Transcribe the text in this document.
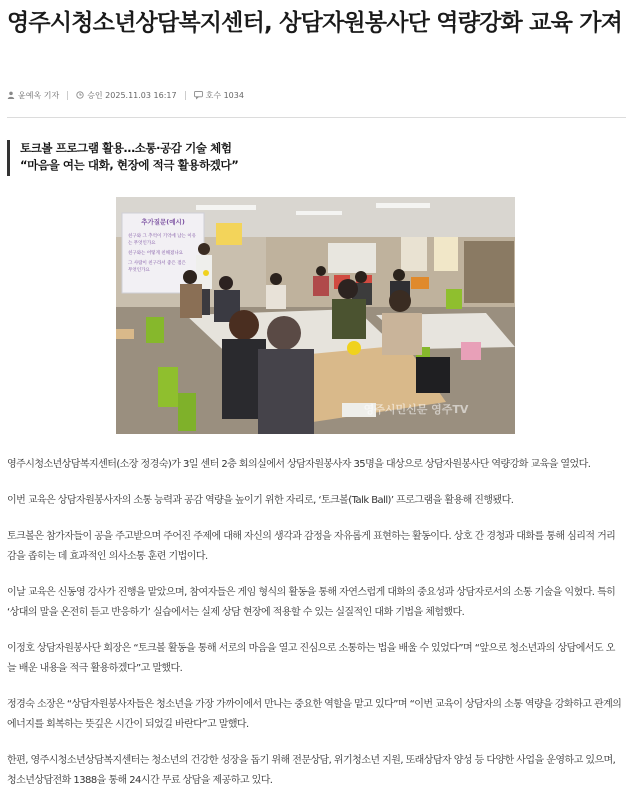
영주시청소년상담복지센터, 상담자원봉사단 역량강화 교육 가져
윤예옥 기자	승인 2025.11.03 16:17	호수 1034
토크볼 프로그램 활용…소통·공감 기술 체험
“마음을 여는 대화, 현장에 적극 활용하겠다”
추가질문(예시)
친구와 그 추억이 기억에 남는 이유
는 무엇인가요
친구와는 어떻게 친해졌나요
그 사람이 친구라서 좋은 점은
무엇인가요
영주시민신문 영주TV

영주시청소년상담복지센터(소장 정경숙)가 3일 센터 2층 회의실에서 상담자원봉사자 35명을 대상으로 상담자원봉사단 역량강화 교육을 열었다.

이번 교육은 상담자원봉사자의 소통 능력과 공감 역량을 높이기 위한 자리로, ‘토크볼(Talk Ball)’ 프로그램을 활용해 진행됐다.

토크볼은 참가자들이 공을 주고받으며 주어진 주제에 대해 자신의 생각과 감정을 자유롭게 표현하는 활동이다. 상호 간 경청과 대화를 통해 심리적 거리감을 좁히는 데 효과적인 의사소통 훈련 기법이다.

이날 교육은 신동영 강사가 진행을 맡았으며, 참여자들은 게임 형식의 활동을 통해 자연스럽게 대화의 중요성과 상담자로서의 소통 기술을 익혔다. 특히 ‘상대의 말을 온전히 듣고 반응하기’ 실습에서는 실제 상담 현장에 적용할 수 있는 실질적인 대화 기법을 체험했다.

이정호 상담자원봉사단 회장은 “토크볼 활동을 통해 서로의 마음을 열고 진심으로 소통하는 법을 배울 수 있었다”며 “앞으로 청소년과의 상담에서도 오늘 배운 내용을 적극 활용하겠다”고 말했다.

정경숙 소장은 “상담자원봉사자들은 청소년을 가장 가까이에서 만나는 중요한 역할을 맡고 있다”며 “이번 교육이 상담자의 소통 역량을 강화하고 관계의 에너지를 회복하는 뜻깊은 시간이 되었길 바란다”고 말했다.

한편, 영주시청소년상담복지센터는 청소년의 건강한 성장을 돕기 위해 전문상담, 위기청소년 지원, 또래상담자 양성 등 다양한 사업을 운영하고 있으며, 청소년상담전화 1388을 통해 24시간 무료 상담을 제공하고 있다.
